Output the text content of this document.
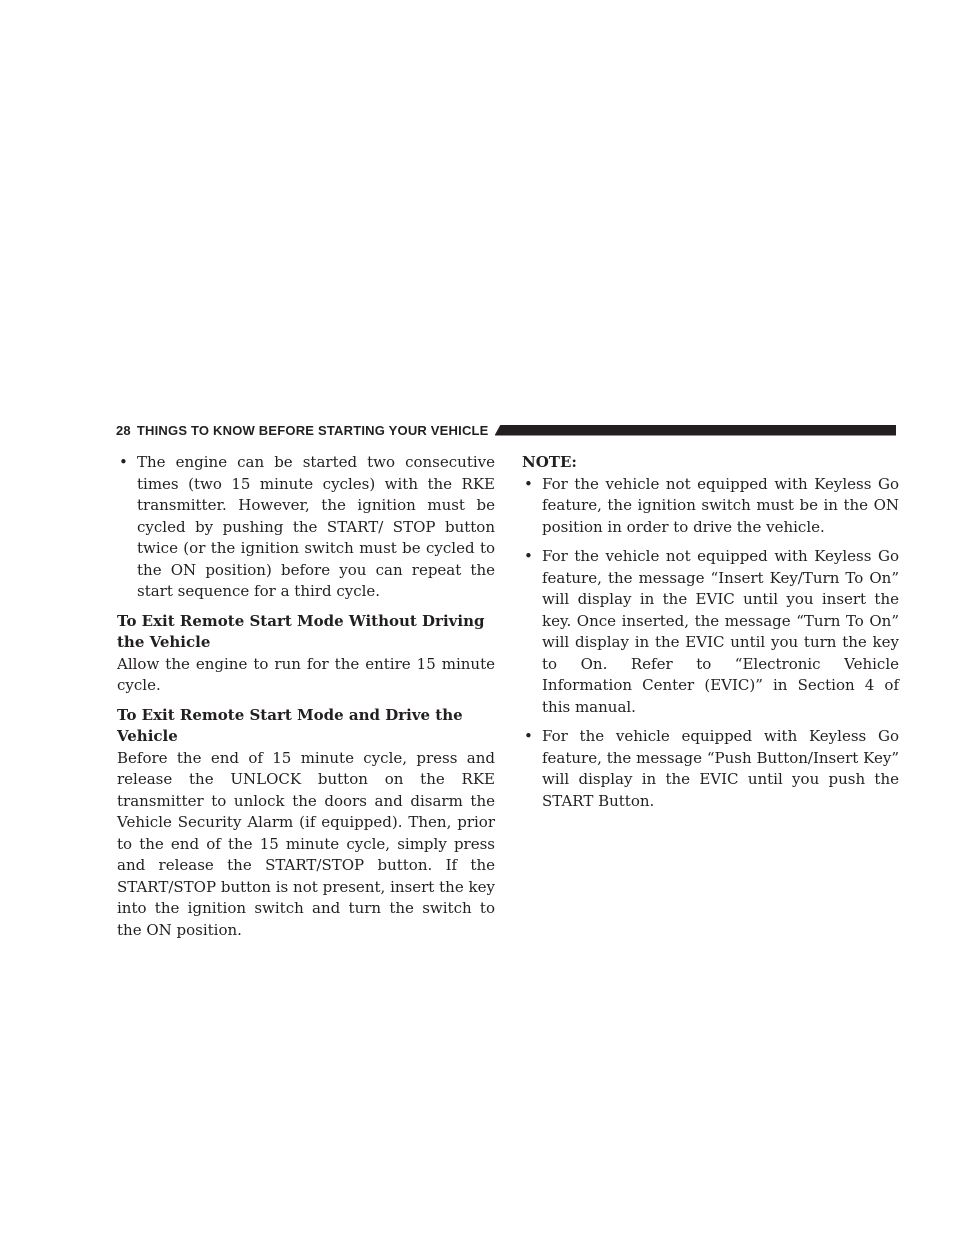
28 THINGS TO KNOW BEFORE STARTING YOUR VEHICLE
• The engine can be started two consecutive times (two 15 minute cycles) with the RKE transmitter. However, the ignition must be cycled by pushing the START/ STOP button twice (or the ignition switch must be cycled to the ON position) before you can repeat the start sequence for a third cycle.
To Exit Remote Start Mode Without Driving the Vehicle

Allow the engine to run for the entire 15 minute cycle.

To Exit Remote Start Mode and Drive the Vehicle

Before the end of 15 minute cycle, press and release the UNLOCK button on the RKE transmitter to unlock the doors and disarm the Vehicle Security Alarm (if equipped). Then, prior to the end of the 15 minute cycle, simply press and release the START/STOP button. If the START/STOP button is not present, insert the key into the ignition switch and turn the switch to the ON position.

NOTE:
• For the vehicle not equipped with Keyless Go feature, the ignition switch must be in the ON position in order to drive the vehicle.
• For the vehicle not equipped with Keyless Go feature, the message “Insert Key/Turn To On” will display in the EVIC until you insert the key. Once inserted, the message “Turn To On” will display in the EVIC until you turn the key to On. Refer to “Electronic Vehicle Information Center (EVIC)” in Section 4 of this manual.
• For the vehicle equipped with Keyless Go feature, the message “Push Button/Insert Key” will display in the EVIC until you push the START Button.
